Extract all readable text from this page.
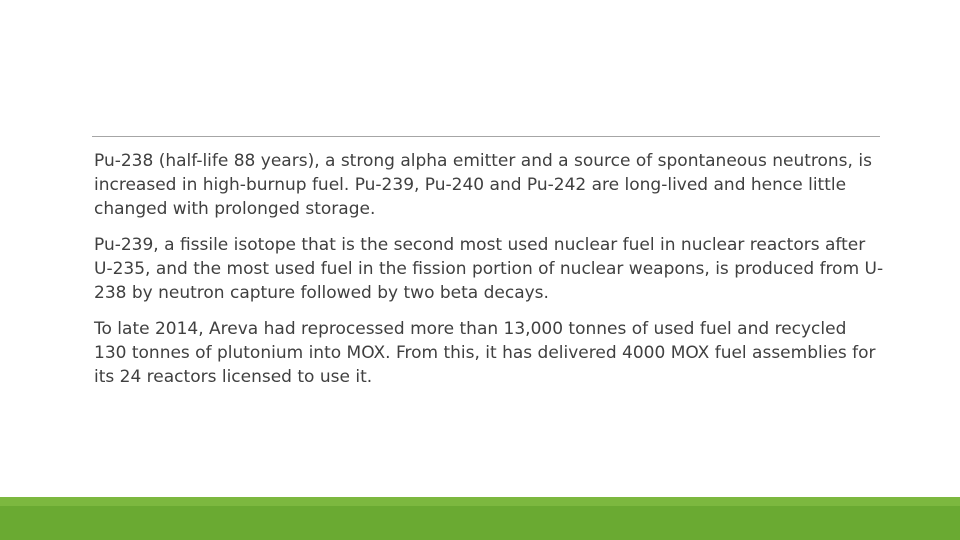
Pu-238 (half-life 88 years), a strong alpha emitter and a source of spontaneous neutrons, is increased in high-burnup fuel. Pu-239, Pu-240 and Pu-242 are long-lived and hence little changed with prolonged storage.

Pu-239, a fissile isotope that is the second most used nuclear fuel in nuclear reactors after U-235, and the most used fuel in the fission portion of nuclear weapons, is produced from U-238 by neutron capture followed by two beta decays.

To late 2014, Areva had reprocessed more than 13,000 tonnes of used fuel and recycled 130 tonnes of plutonium into MOX. From this, it has delivered 4000 MOX fuel assemblies for its 24 reactors licensed to use it.
